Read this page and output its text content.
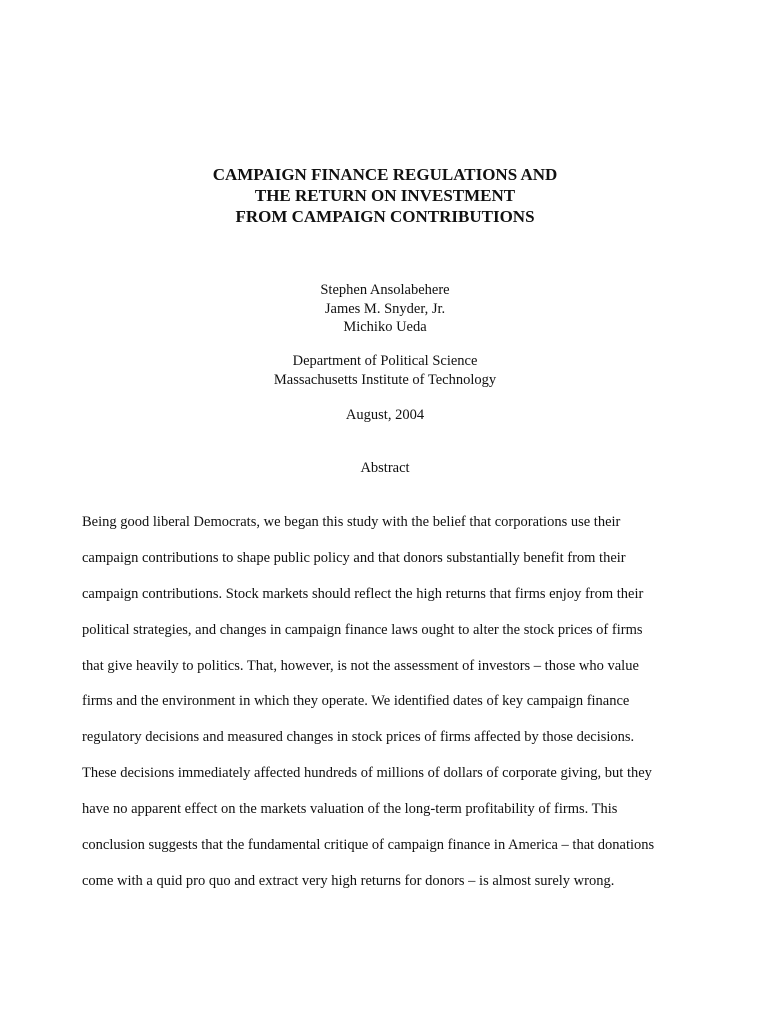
CAMPAIGN FINANCE REGULATIONS AND
THE RETURN ON INVESTMENT
FROM CAMPAIGN CONTRIBUTIONS
Stephen Ansolabehere
James M. Snyder, Jr.
Michiko Ueda
Department of Political Science
Massachusetts Institute of Technology
August, 2004
Abstract
Being good liberal Democrats, we began this study with the belief that corporations use their
campaign contributions to shape public policy and that donors substantially benefit from their
campaign contributions. Stock markets should reflect the high returns that firms enjoy from their
political strategies, and changes in campaign finance laws ought to alter the stock prices of firms
that give heavily to politics. That, however, is not the assessment of investors – those who value
firms and the environment in which they operate. We identified dates of key campaign finance
regulatory decisions and measured changes in stock prices of firms affected by those decisions.
These decisions immediately affected hundreds of millions of dollars of corporate giving, but they
have no apparent effect on the markets valuation of the long-term profitability of firms. This
conclusion suggests that the fundamental critique of campaign finance in America – that donations
come with a quid pro quo and extract very high returns for donors – is almost surely wrong.
